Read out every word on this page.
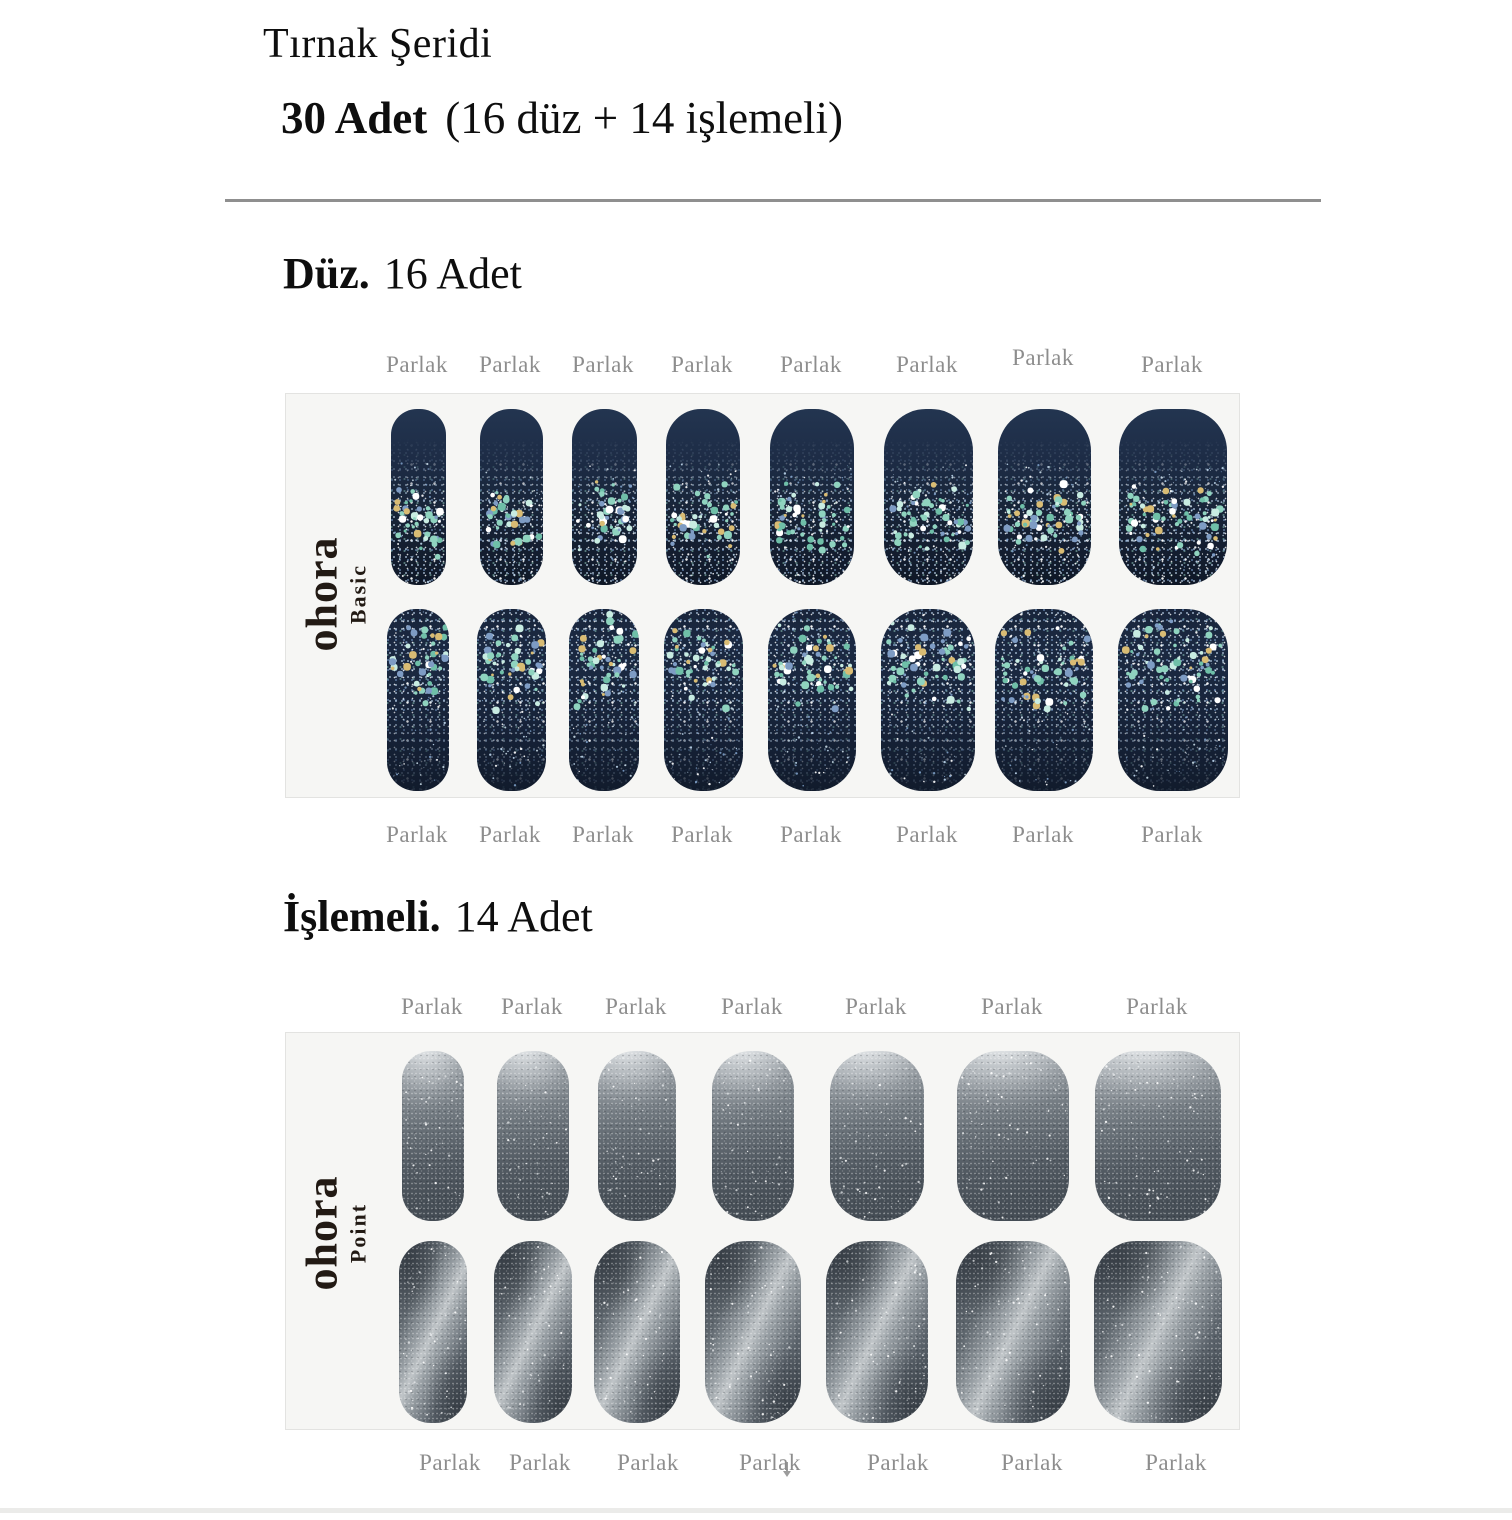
Tırnak Şeridi
30 Adet (16 düz + 14 işlemeli)
Düz. 16 Adet
ohora Basic
İşlemeli. 14 Adet
ohora Point
Parlak Parlak Parlak Parlak Parlak Parlak Parlak	Parlak
Parlak Parlak Parlak Parlak Parlak Parlak Parlak	Parlak
Parlak Parlak Parlak Parlak	Parlak	Parlak	Parlak
Parlak Parlak Parlak	Parlak	Parlak	Parlak	Parlak
